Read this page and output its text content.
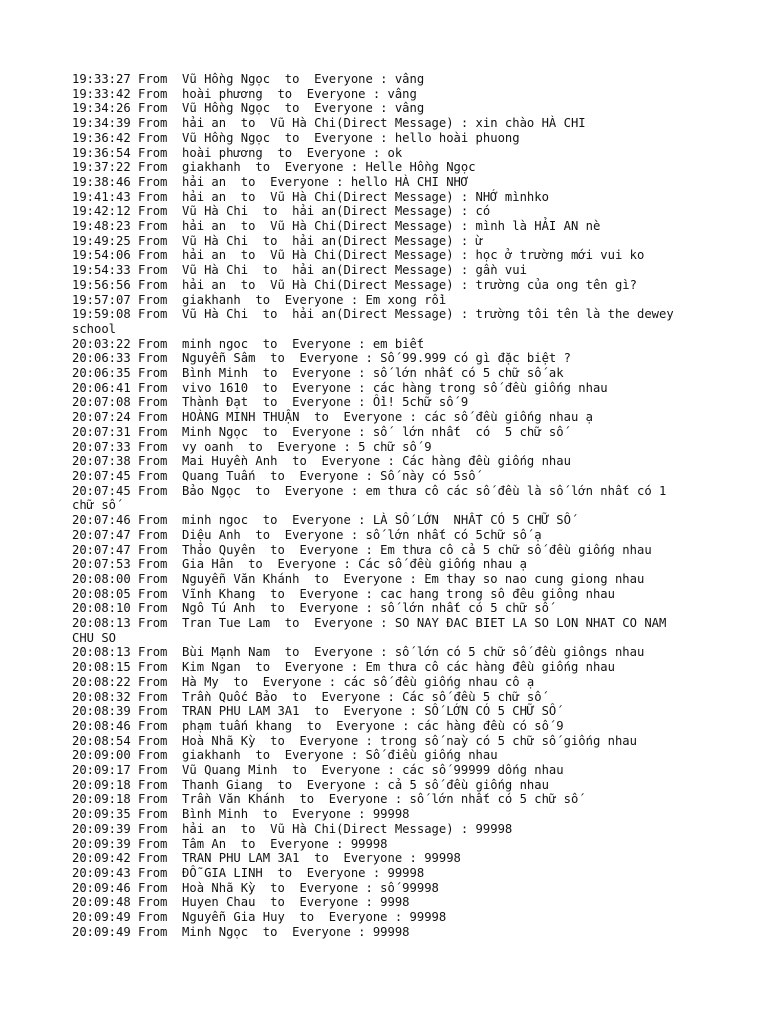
19:33:27 From  Vũ Hồng Ngọc  to  Everyone : vâng
19:33:42 From  hoài phương  to  Everyone : vâng
19:34:26 From  Vũ Hồng Ngọc  to  Everyone : vâng
19:34:39 From  hải an  to  Vũ Hà Chi(Direct Message) : xin chào HÀ CHI
19:36:42 From  Vũ Hồng Ngọc  to  Everyone : hello hoài phuong
19:36:54 From  hoài phương  to  Everyone : ok
19:37:22 From  giakhanh  to  Everyone : Helle Hồng Ngọc
19:38:46 From  hải an  to  Everyone : hello HÀ CHI NHƠ
19:41:43 From  hải an  to  Vũ Hà Chi(Direct Message) : NHỚ mìnhko
19:42:12 From  Vũ Hà Chi  to  hải an(Direct Message) : có
19:48:23 From  hải an  to  Vũ Hà Chi(Direct Message) : mình là HẢI AN nè
19:49:25 From  Vũ Hà Chi  to  hải an(Direct Message) : ừ
19:54:06 From  hải an  to  Vũ Hà Chi(Direct Message) : học ở trường mới vui ko
19:54:33 From  Vũ Hà Chi  to  hải an(Direct Message) : gần vui
19:56:56 From  hải an  to  Vũ Hà Chi(Direct Message) : trường của ong tên gì?
19:57:07 From  giakhanh  to  Everyone : Em xong rồi
19:59:08 From  Vũ Hà Chi  to  hải an(Direct Message) : trường tôi tên là the dewey school
20:03:22 From  minh ngoc  to  Everyone : em biết
20:06:33 From  Nguyễn Sâm  to  Everyone : Số 99.999 có gì đặc biệt ?
20:06:35 From  Bình Minh  to  Everyone : số lớn nhất có 5 chữ số ak
20:06:41 From  vivo 1610  to  Everyone : các hàng trong số đều giống nhau
20:07:08 From  Thành Đạt  to  Everyone : Ồi! 5chữ số 9
20:07:24 From  HOÀNG MINH THUẬN  to  Everyone : các số đều giống nhau ạ
20:07:31 From  Minh Ngọc  to  Everyone : số  lớn nhất  có  5 chữ số
20:07:33 From  vy oanh  to  Everyone : 5 chữ số 9
20:07:38 From  Mai Huyền Anh  to  Everyone : Các hàng đều giống nhau
20:07:45 From  Quang Tuấn  to  Everyone : Số này có 5số
20:07:45 From  Bảo Ngọc  to  Everyone : em thưa cô các số đều là số lớn nhất có 1 chữ số
20:07:46 From  minh ngoc  to  Everyone : LÀ SỐ LỚN  NHẤT CÓ 5 CHỮ SỐ
20:07:47 From  Diệu Anh  to  Everyone : số lớn nhất có 5chữ số ạ
20:07:47 From  Thảo Quyên  to  Everyone : Em thưa cô cả 5 chữ số đều giống nhau
20:07:53 From  Gia Hân  to  Everyone : Các số đều giống nhau ạ
20:08:00 From  Nguyễn Văn Khánh  to  Everyone : Em thay so nao cung giong nhau
20:08:05 From  Vĩnh Khang  to  Everyone : cac hang trong sô đêu giông nhau
20:08:10 From  Ngô Tú Anh  to  Everyone : số lớn nhất có 5 chữ số
20:08:13 From  Tran Tue Lam  to  Everyone : SO NAY ĐAC BIET LA SO LON NHAT CO NAM CHU SO
20:08:13 From  Bùi Mạnh Nam  to  Everyone : số lớn có 5 chữ số đều giôngs nhau
20:08:15 From  Kim Ngan  to  Everyone : Em thưa cô các hàng đều giống nhau
20:08:22 From  Hà My  to  Everyone : các số đều giống nhau cô ạ
20:08:32 From  Trần Quốc Bảo  to  Everyone : Các số đều 5 chữ số
20:08:39 From  TRAN PHU LAM 3A1  to  Everyone : SỐ LỚN CÓ 5 CHỮ SỐ
20:08:46 From  phạm tuấn khang  to  Everyone : các hàng đều có số 9
20:08:54 From  Hoà Nhã Kỳ  to  Everyone : trong số naỳ có 5 chữ số giống nhau
20:09:00 From  giakhanh  to  Everyone : Số điều giống nhau
20:09:17 From  Vũ Quang Minh  to  Everyone : các số 99999 dống nhau
20:09:18 From  Thanh Giang  to  Everyone : cả 5 số đều giống nhau
20:09:18 From  Trần Văn Khánh  to  Everyone : số lớn nhất có 5 chữ số
20:09:35 From  Bình Minh  to  Everyone : 99998
20:09:39 From  hải an  to  Vũ Hà Chi(Direct Message) : 99998
20:09:39 From  Tâm An  to  Everyone : 99998
20:09:42 From  TRAN PHU LAM 3A1  to  Everyone : 99998
20:09:43 From  ĐỖ GIA LINH  to  Everyone : 99998
20:09:46 From  Hoà Nhã Kỳ  to  Everyone : số 99998
20:09:48 From  Huyen Chau  to  Everyone : 9998
20:09:49 From  Nguyễn Gia Huy  to  Everyone : 99998
20:09:49 From  Minh Ngọc  to  Everyone : 99998
